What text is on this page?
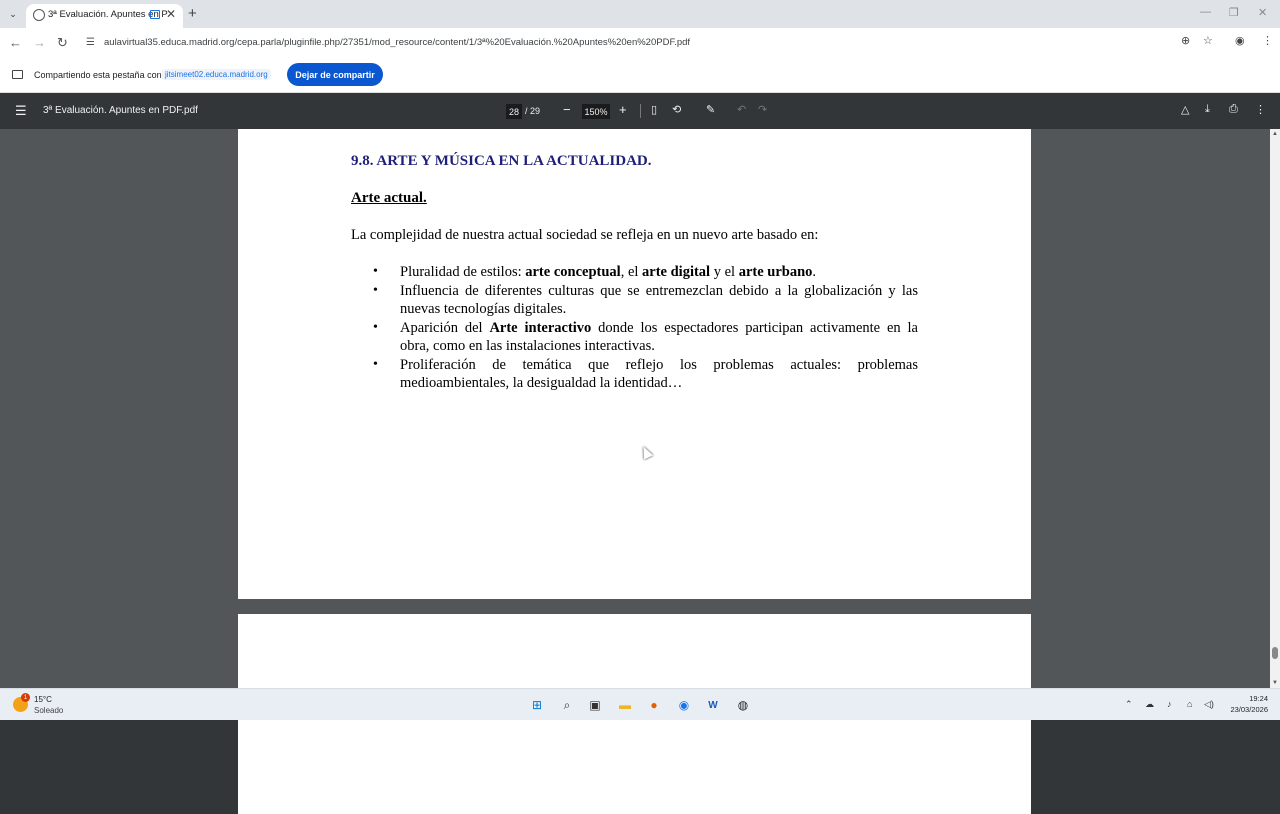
⌄	3ª Evaluación. Apuntes en P
✕ +	— ❐ ✕
← → ↻ ☰ aulavirtual35.educa.madrid.org/cepa.parla/pluginfile.php/27351/mod_resource/content/1/3ª%20Evaluación.%20Apuntes%20en%20PDF.pdf	⊕ ☆ ◉ ⋮
Compartiendo esta pestaña con jitsimeet02.educa.madrid.org	Dejar de compartir
☰ 3ª Evaluación. Apuntes en PDF.pdf	28 / 29 − 150% + ▯ ⟲ ✎ ↶ ↷	△ ⤓ ⎙ ⋮
9.8. ARTE Y MÚSICA EN LA ACTUALIDAD.
Arte actual.
La complejidad de nuestra actual sociedad se refleja en un nuevo arte basado en:
• Pluralidad de estilos: arte conceptual, el arte digital y el arte urbano.
• Influencia de diferentes culturas que se entremezclan debido a la globalización y las nuevas tecnologías digitales.
• Aparición del Arte interactivo donde los espectadores participan activamente en la obra, como en las instalaciones interactivas.
• Proliferación de temática que reflejo los problemas actuales: problemas medioambientales, la desigualdad la identidad…
▲
▼
1 15°C
Soleado	⊞	⌕	▣ ▬	●	◉	W ◍	⌃ ☁ ♪ ⌂ ◁)
19:24
23/03/2026
